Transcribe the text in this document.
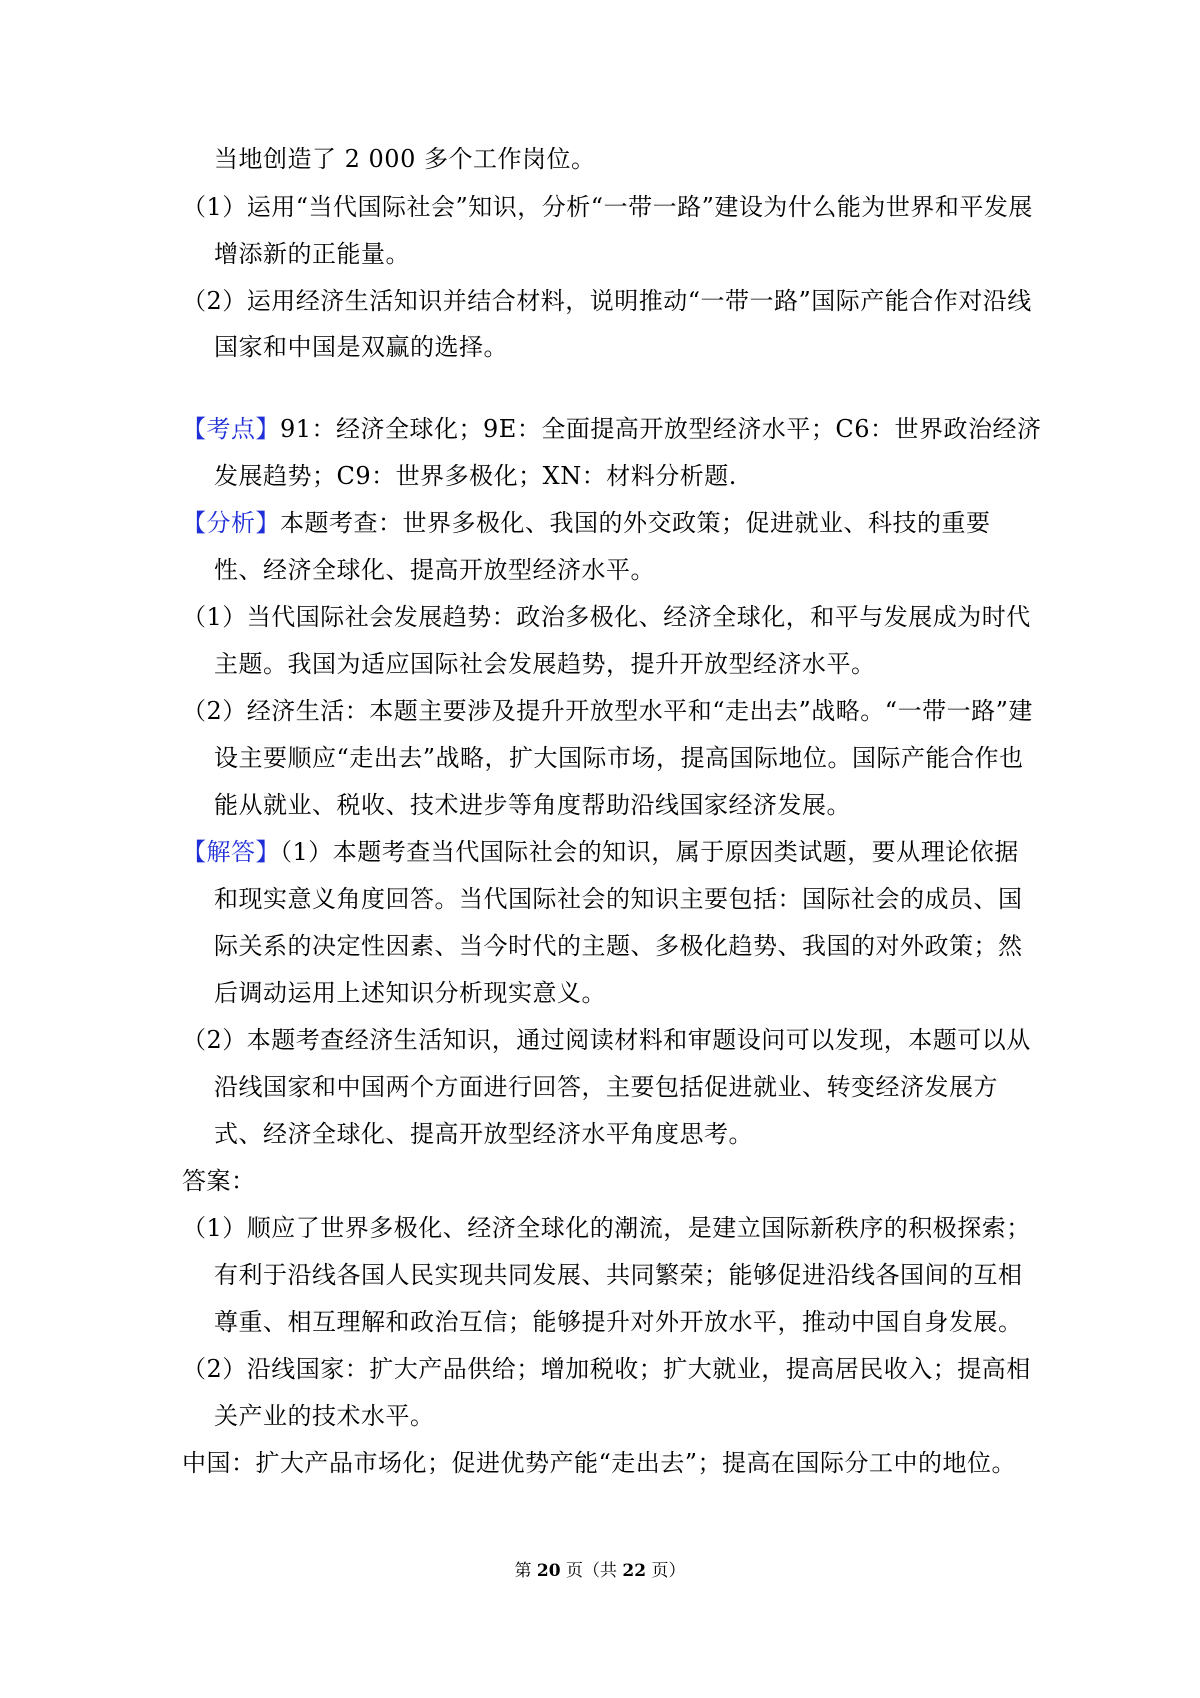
当地创造了 2 000 多个工作岗位。
（1）运用“当代国际社会”知识，分析“一带一路”建设为什么能为世界和平发展
增添新的正能量。
（2）运用经济生活知识并结合材料，说明推动“一带一路”国际产能合作对沿线
国家和中国是双赢的选择。
【考点】91：经济全球化；9E：全面提高开放型经济水平；C6：世界政治经济
发展趋势；C9：世界多极化；XN：材料分析题.
【分析】本题考查：世界多极化、我国的外交政策；促进就业、科技的重要
性、经济全球化、提高开放型经济水平。
（1）当代国际社会发展趋势：政治多极化、经济全球化，和平与发展成为时代
主题。我国为适应国际社会发展趋势，提升开放型经济水平。
（2）经济生活：本题主要涉及提升开放型水平和“走出去”战略。“一带一路”建
设主要顺应“走出去”战略，扩大国际市场，提高国际地位。国际产能合作也
能从就业、税收、技术进步等角度帮助沿线国家经济发展。
【解答】（1）本题考查当代国际社会的知识，属于原因类试题，要从理论依据
和现实意义角度回答。当代国际社会的知识主要包括：国际社会的成员、国
际关系的决定性因素、当今时代的主题、多极化趋势、我国的对外政策；然
后调动运用上述知识分析现实意义。
（2）本题考查经济生活知识，通过阅读材料和审题设问可以发现，本题可以从
沿线国家和中国两个方面进行回答，主要包括促进就业、转变经济发展方
式、经济全球化、提高开放型经济水平角度思考。
答案：
（1）顺应了世界多极化、经济全球化的潮流，是建立国际新秩序的积极探索；
有利于沿线各国人民实现共同发展、共同繁荣；能够促进沿线各国间的互相
尊重、相互理解和政治互信；能够提升对外开放水平，推动中国自身发展。
（2）沿线国家：扩大产品供给；增加税收；扩大就业，提高居民收入；提高相
关产业的技术水平。
中国：扩大产品市场化；促进优势产能“走出去”；提高在国际分工中的地位。
第 20 页（共 22 页）
